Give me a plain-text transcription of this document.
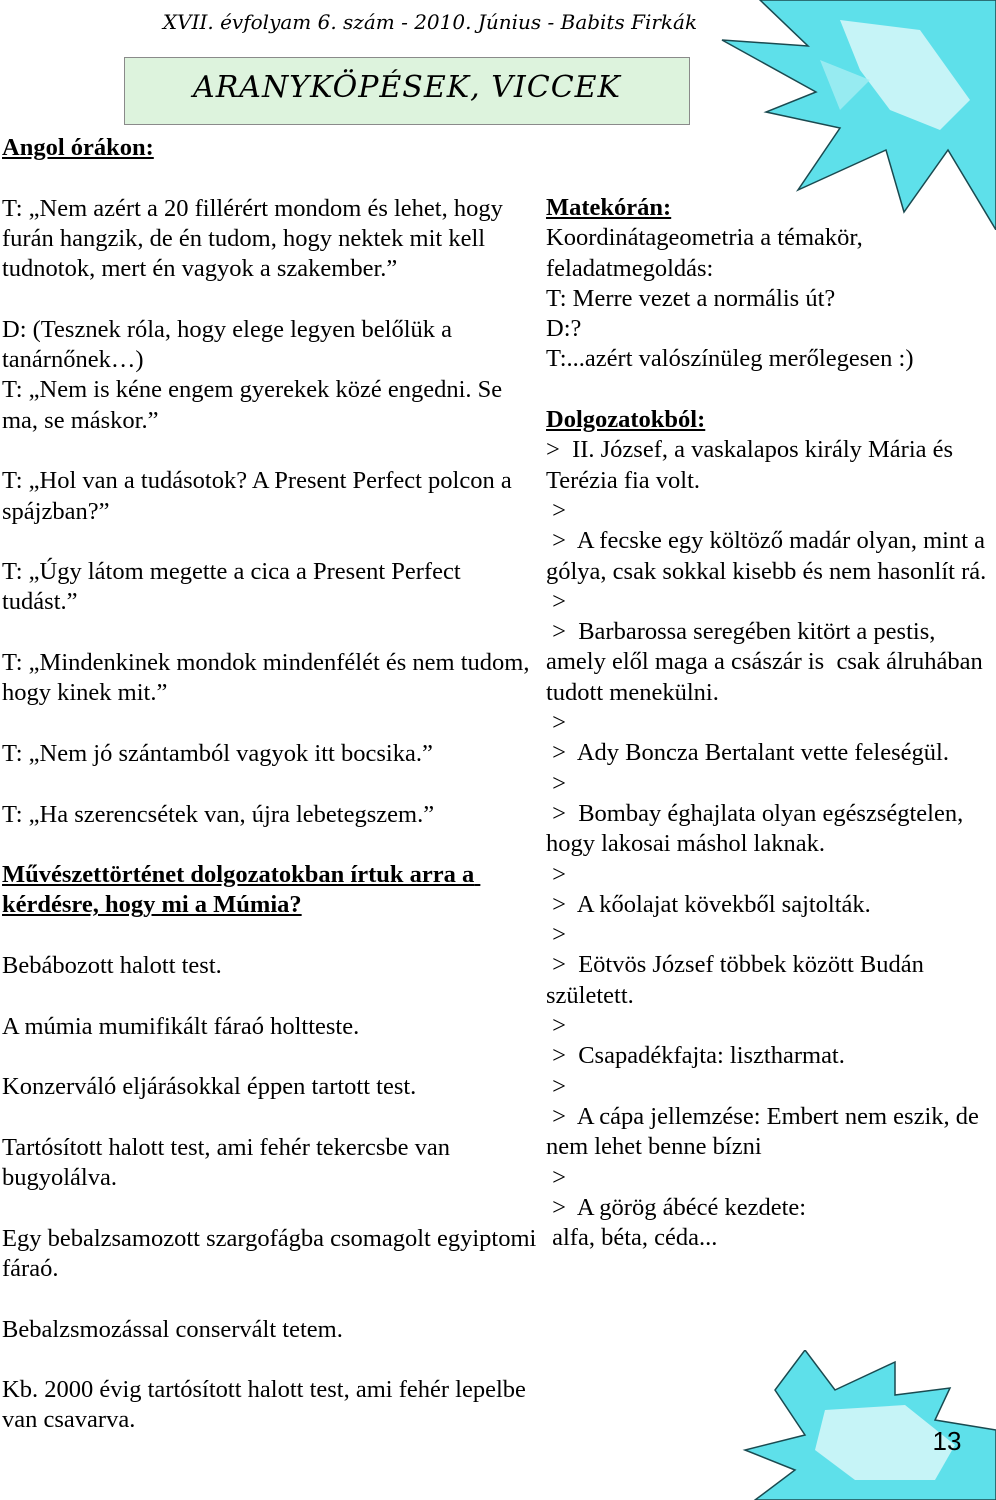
XVII. évfolyam 6. szám - 2010. Június - Babits Firkák
ARANYKÖPÉSEK, VICCEK

Angol órákon:

T: „Nem azért a 20 fillérért mondom és lehet, hogy furán hangzik, de én tudom, hogy nektek mit kell tudnotok, mert én vagyok a szakember.”

D: (Tesznek róla, hogy elege legyen belőlük a tanárnőnek…)

T: „Nem is kéne engem gyerekek közé engedni. Se ma, se máskor.”

T: „Hol van a tudásotok? A Present Perfect polcon a spájzban?”

T: „Úgy látom megette a cica a Present Perfect tudást.”

T: „Mindenkinek mondok mindenfélét és nem tudom, hogy kinek mit.”

T: „Nem jó szántamból vagyok itt bocsika.”

T: „Ha szerencsétek van, újra lebetegszem.”

Művészettörténet dolgozatokban írtuk arra a kérdésre, hogy mi a Múmia?

Bebábozott halott test.

A múmia mumifikált fáraó holtteste.

Konzerváló eljárásokkal éppen tartott test.

Tartósított halott test, ami fehér tekercsbe van bugyolálva.

Egy bebalzsamozott szargofágba csomagolt egyiptomi fáraó.

Bebalzsmozással conservált tetem.

Kb. 2000 évig tartósított halott test, ami fehér lepelbe van csavarva.

Matekórán:

Koordinátageometria a témakör, feladatmegoldás:

T: Merre vezet a normális út?

D:?

T:...azért valószínüleg merőlegesen :)

Dolgozatokból:

>  II. József, a vaskalapos király Mária és Terézia fia volt.

>

>  A fecske egy költöző madár olyan, mint a gólya, csak sokkal kisebb és nem hasonlít rá.

>

>  Barbarossa seregében kitört a pestis, amely elől maga a császár is  csak álruhában tudott menekülni.

>

>  Ady Boncza Bertalant vette feleségül.

>

>  Bombay éghajlata olyan egészségtelen, hogy lakosai máshol laknak.

>

>  A kőolajat kövekből sajtolták.

>

>  Eötvös József többek között Budán született.

>

>  Csapadékfajta: lisztharmat.

>

>  A cápa jellemzése: Embert nem eszik, de nem lehet benne bízni

>

>  A görög ábécé kezdete:

alfa, béta, céda...

13
